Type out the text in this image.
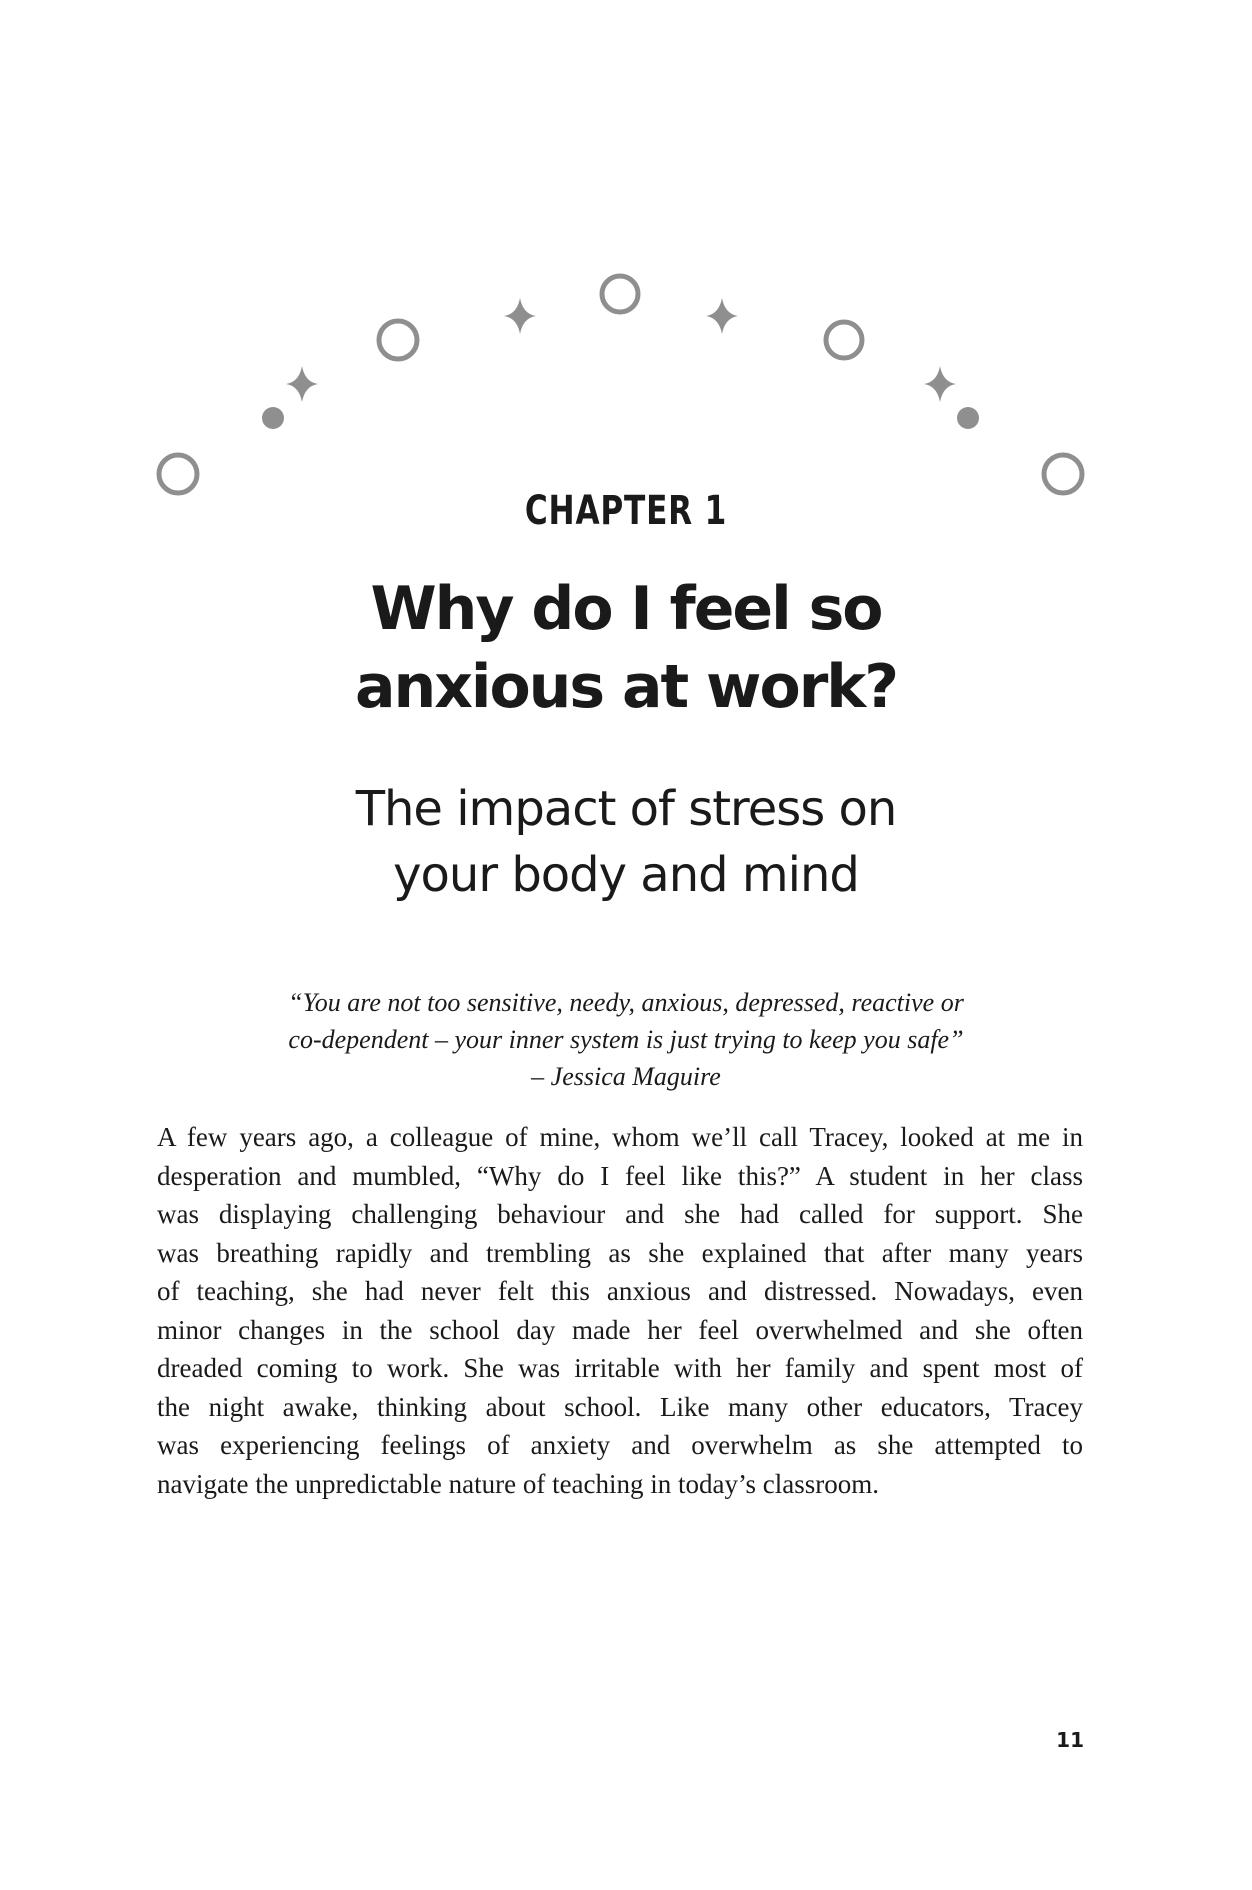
CHAPTER 1
Why do I feel so
anxious at work?
The impact of stress on
your body and mind
“You are not too sensitive, needy, anxious, depressed, reactive or
co-dependent – your inner system is just trying to keep you safe”
– Jessica Maguire
A few years ago, a colleague of mine, whom we’ll call Tracey, looked at me in
desperation and mumbled, “Why do I feel like this?” A student in her class
was displaying challenging behaviour and she had called for support. She
was breathing rapidly and trembling as she explained that after many years
of teaching, she had never felt this anxious and distressed. Nowadays, even
minor changes in the school day made her feel overwhelmed and she often
dreaded coming to work. She was irritable with her family and spent most of
the night awake, thinking about school. Like many other educators, Tracey
was experiencing feelings of anxiety and overwhelm as she attempted to
navigate the unpredictable nature of teaching in today’s classroom.
11
